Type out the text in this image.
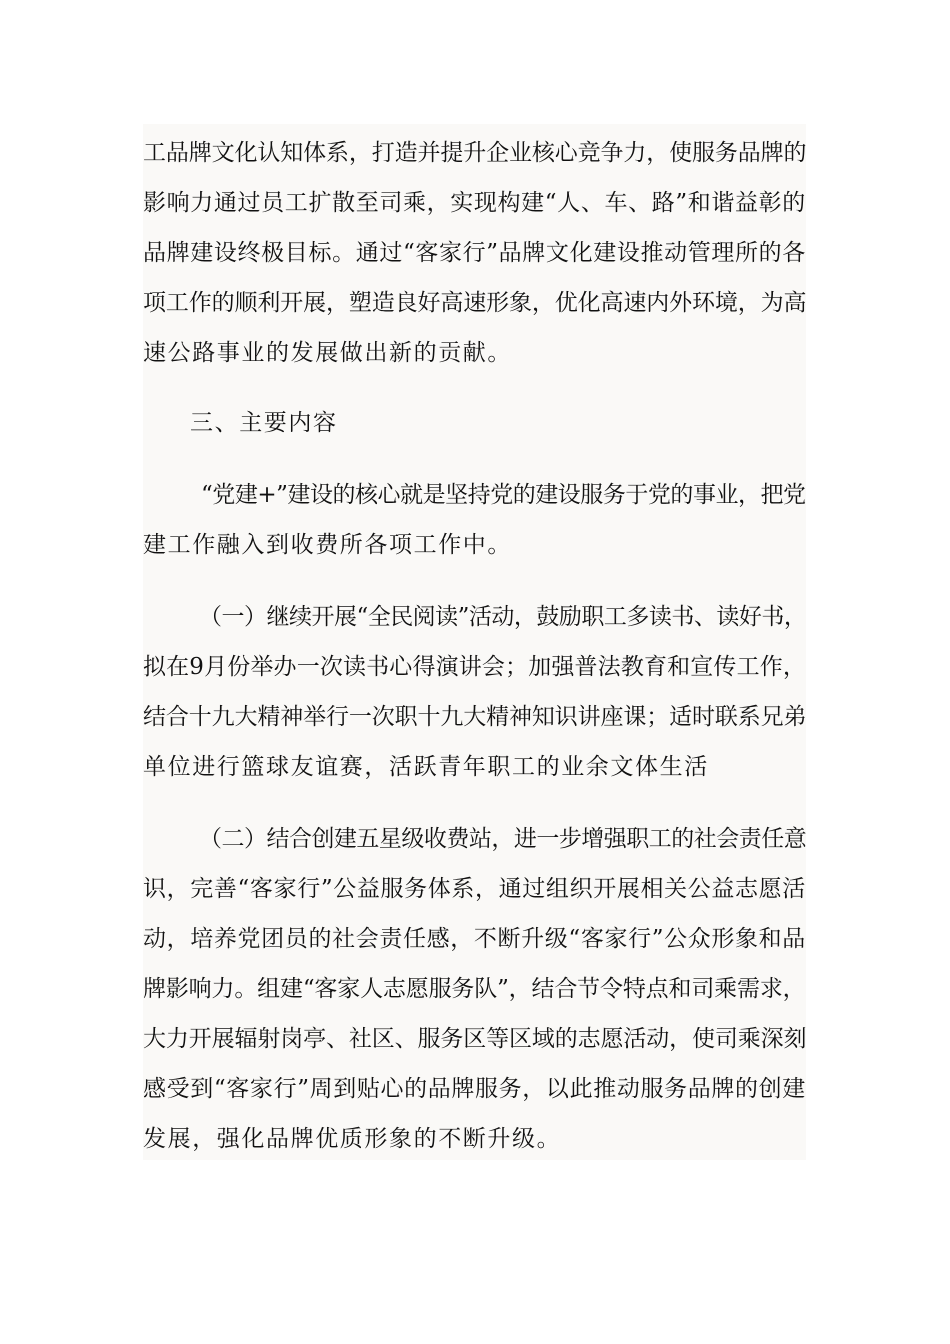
工品牌文化认知体系，打造并提升企业核心竞争力，使服务品牌的
影响力通过员工扩散至司乘，实现构建“人、车、路”和谐益彰的
品牌建设终极目标。通过“客家行”品牌文化建设推动管理所的各
项工作的顺利开展，塑造良好高速形象，优化高速内外环境，为高
速公路事业的发展做出新的贡献。
三、主要内容
“党建+”建设的核心就是坚持党的建设服务于党的事业，把党
建工作融入到收费所各项工作中。
（一）继续开展“全民阅读”活动，鼓励职工多读书、读好书，
拟在9月份举办一次读书心得演讲会；加强普法教育和宣传工作，
结合十九大精神举行一次职十九大精神知识讲座课；适时联系兄弟
单位进行篮球友谊赛，活跃青年职工的业余文体生活
（二）结合创建五星级收费站，进一步增强职工的社会责任意
识，完善“客家行”公益服务体系，通过组织开展相关公益志愿活
动，培养党团员的社会责任感，不断升级“客家行”公众形象和品
牌影响力。组建“客家人志愿服务队”，结合节令特点和司乘需求，
大力开展辐射岗亭、社区、服务区等区域的志愿活动，使司乘深刻
感受到“客家行”周到贴心的品牌服务，以此推动服务品牌的创建
发展，强化品牌优质形象的不断升级。
